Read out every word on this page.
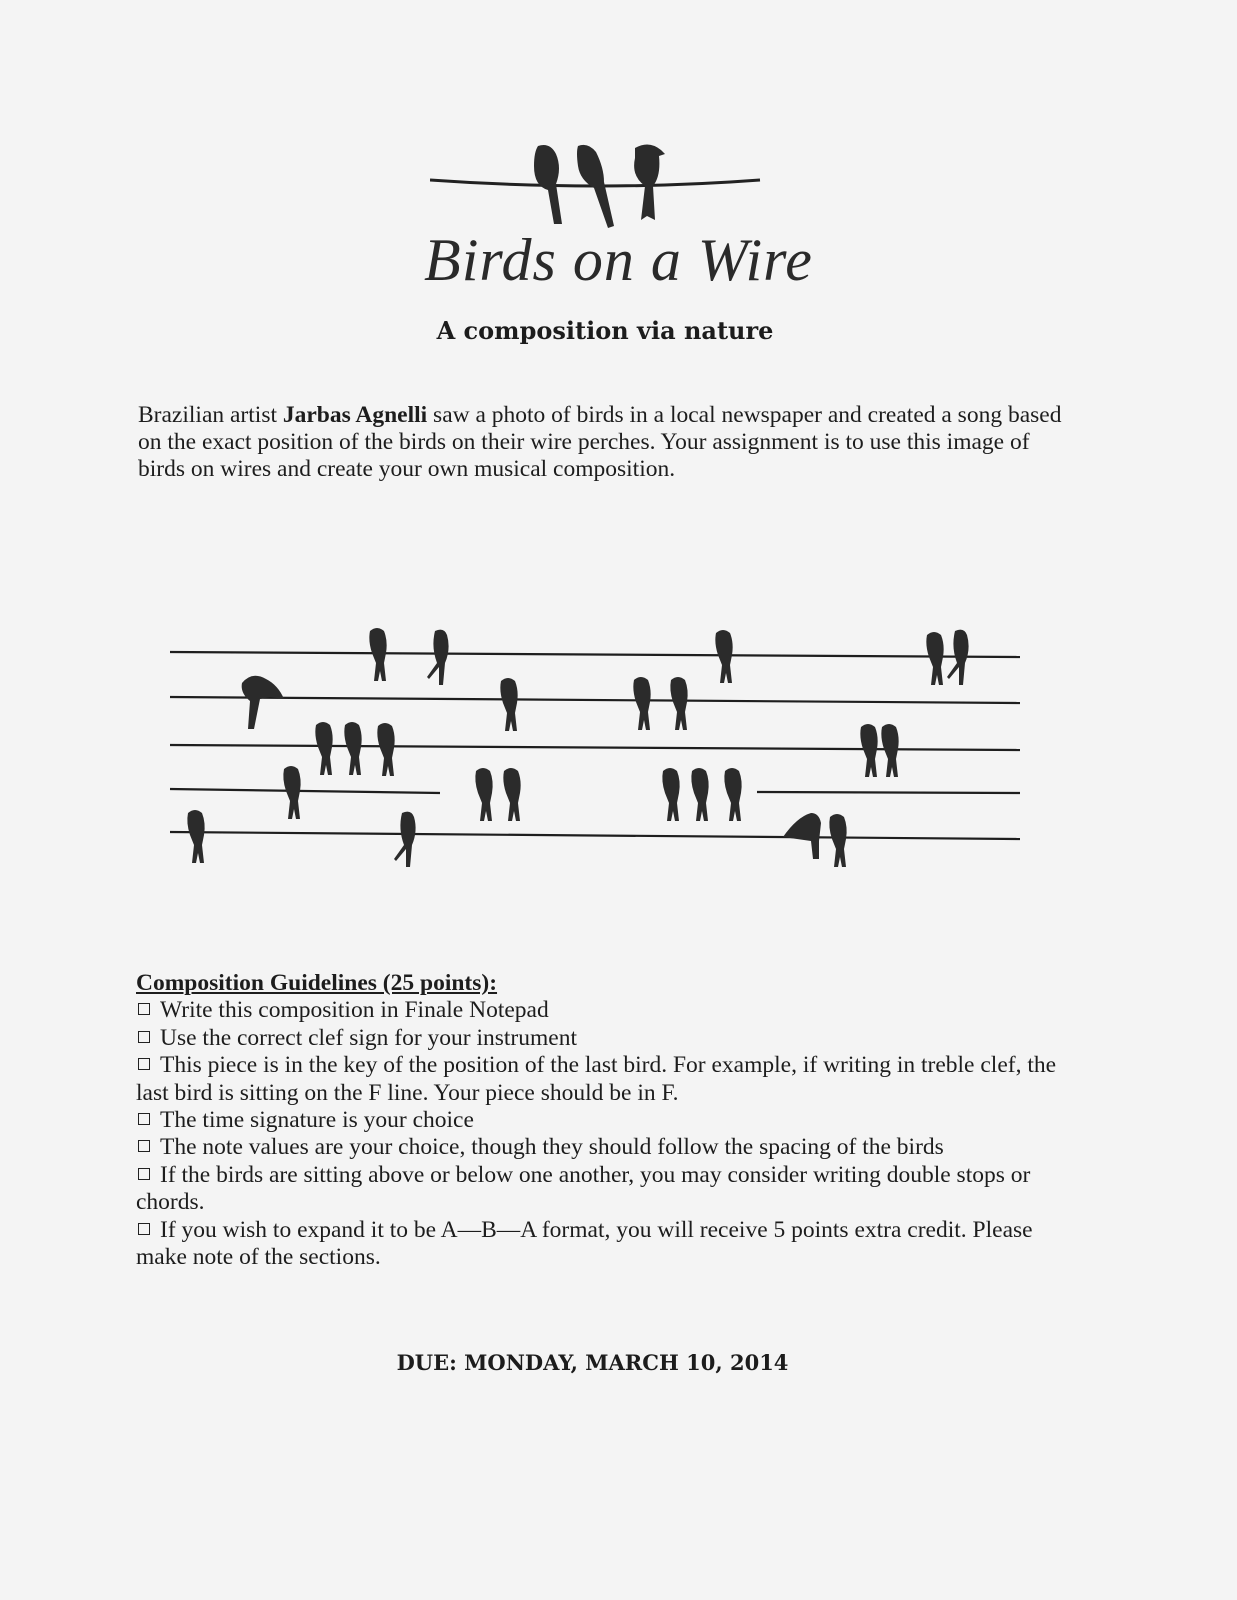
Birds on a Wire
A composition via nature
Brazilian artist Jarbas Agnelli saw a photo of birds in a local newspaper and created a song based on the exact position of the birds on their wire perches. Your assignment is to use this image of birds on wires and create your own musical composition.
Composition Guidelines (25 points):
Write this composition in Finale Notepad
Use the correct clef sign for your instrument
This piece is in the key of the position of the last bird. For example, if writing in treble clef, the last bird is sitting on the F line. Your piece should be in F.
The time signature is your choice
The note values are your choice, though they should follow the spacing of the birds
If the birds are sitting above or below one another, you may consider writing double stops or chords.
If you wish to expand it to be A—B—A format, you will receive 5 points extra credit. Please make note of the sections.
DUE: MONDAY, MARCH 10, 2014
